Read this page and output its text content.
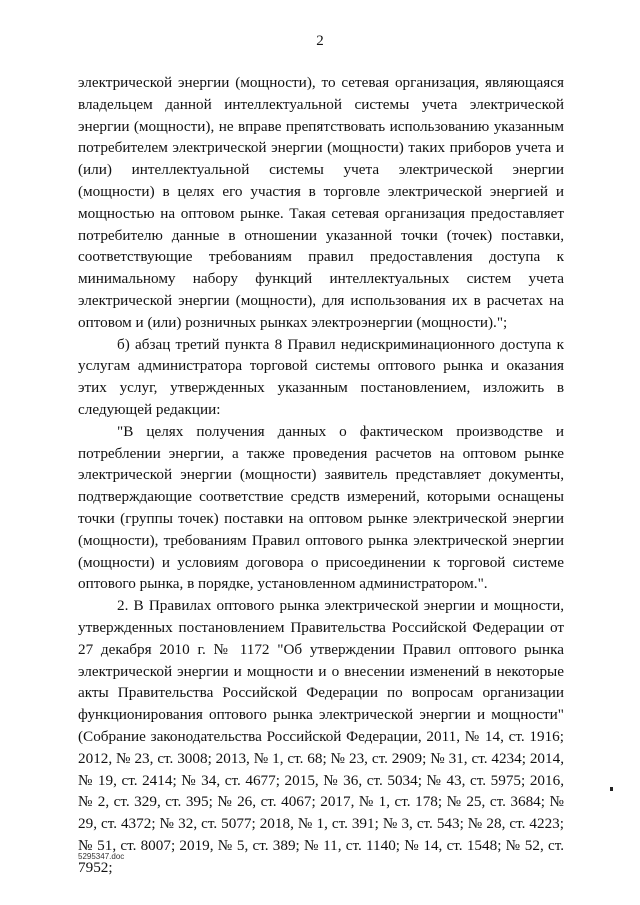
2

электрической энергии (мощности), то сетевая организация, являющаяся владельцем данной интеллектуальной системы учета электрической энергии (мощности), не вправе препятствовать использованию указанным потребителем электрической энергии (мощности) таких приборов учета и (или) интеллектуальной системы учета электрической энергии (мощности) в целях его участия в торговле электрической энергией и мощностью на оптовом рынке. Такая сетевая организация предоставляет потребителю данные в отношении указанной точки (точек) поставки, соответствующие требованиям правил предоставления доступа к минимальному набору функций интеллектуальных систем учета электрической энергии (мощности), для использования их в расчетах на оптовом и (или) розничных рынках электроэнергии (мощности).";

б) абзац третий пункта 8 Правил недискриминационного доступа к услугам администратора торговой системы оптового рынка и оказания этих услуг, утвержденных указанным постановлением, изложить в следующей редакции:

"В целях получения данных о фактическом производстве и потреблении энергии, а также проведения расчетов на оптовом рынке электрической энергии (мощности) заявитель представляет документы, подтверждающие соответствие средств измерений, которыми оснащены точки (группы точек) поставки на оптовом рынке электрической энергии (мощности), требованиям Правил оптового рынка электрической энергии (мощности) и условиям договора о присоединении к торговой системе оптового рынка, в порядке, установленном администратором.".

2. В Правилах оптового рынка электрической энергии и мощности, утвержденных постановлением Правительства Российской Федерации от 27 декабря 2010 г. № 1172 "Об утверждении Правил оптового рынка электрической энергии и мощности и о внесении изменений в некоторые акты Правительства Российской Федерации по вопросам организации функционирования оптового рынка электрической энергии и мощности" (Собрание законодательства Российской Федерации, 2011, № 14, ст. 1916; 2012, № 23, ст. 3008; 2013, № 1, ст. 68; № 23, ст. 2909; № 31, ст. 4234; 2014, № 19, ст. 2414; № 34, ст. 4677; 2015, № 36, ст. 5034; № 43, ст. 5975; 2016, № 2, ст. 329, ст. 395; № 26, ст. 4067; 2017, № 1, ст. 178; № 25, ст. 3684; № 29, ст. 4372; № 32, ст. 5077; 2018, № 1, ст. 391; № 3, ст. 543; № 28, ст. 4223; № 51, ст. 8007; 2019, № 5, ст. 389; № 11, ст. 1140; № 14, ст. 1548; № 52, ст. 7952;

5295347.doc
